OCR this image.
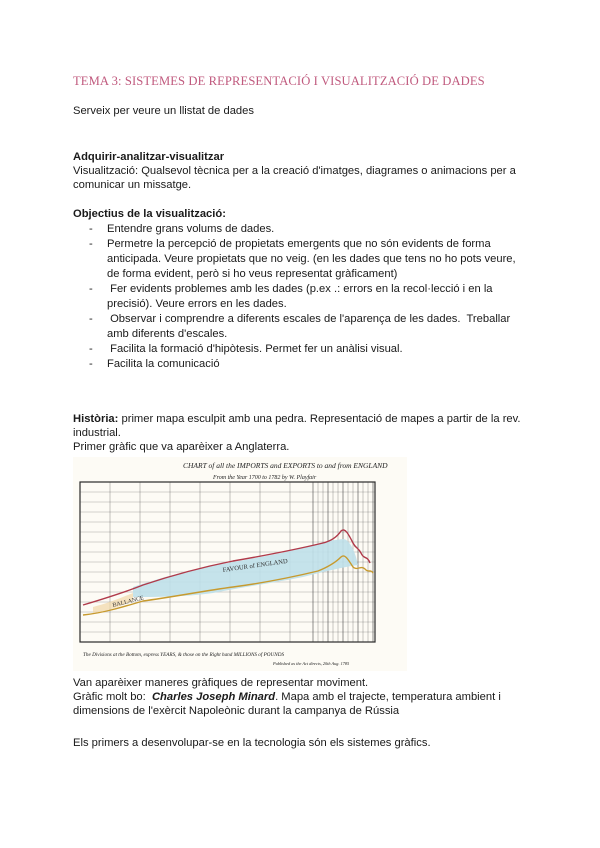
TEMA 3: SISTEMES DE REPRESENTACIÓ I VISUALITZACIÓ DE DADES
Serveix per veure un llistat de dades
Adquirir-analitzar-visualitzar
Visualització: Qualsevol tècnica per a la creació d'imatges, diagrames o animacions per a
comunicar un missatge.
Objectius de la visualització:
- Entendre grans volums de dades.
- Permetre la percepció de propietats emergents que no són evidents de forma
anticipada. Veure propietats que no veig. (en les dades que tens no ho pots veure,
de forma evident, però si ho veus representat gràficament)
- Fer evidents problemes amb les dades (p.ex .: errors en la recol·lecció i en la
precisió). Veure errors en les dades.
- Observar i comprendre a diferents escales de l'aparença de les dades.  Treballar
amb diferents d'escales.
- Facilita la formació d'hipòtesis. Permet fer un anàlisi visual.
- Facilita la comunicació
Història: primer mapa esculpit amb una pedra. Representació de mapes a partir de la rev.
industrial.
Primer gràfic que va aparèixer a Anglaterra.
CHART of all the IMPORTS and EXPORTS to and from ENGLAND
From the Year 1700 to 1782 by W. Playfair
FAVOUR of ENGLAND
BALLANCE
The Divisions at the Bottom, express YEARS, & those on the Right hand MILLIONS of POUNDS
Published as the Act directs, 20th Aug. 1785
Van aparèixer maneres gràfiques de representar moviment.
Gràfic molt bo:  Charles Joseph Minard. Mapa amb el trajecte, temperatura ambient i
dimensions de l'exèrcit Napoleònic durant la campanya de Rússia
Els primers a desenvolupar-se en la tecnologia són els sistemes gràfics.
